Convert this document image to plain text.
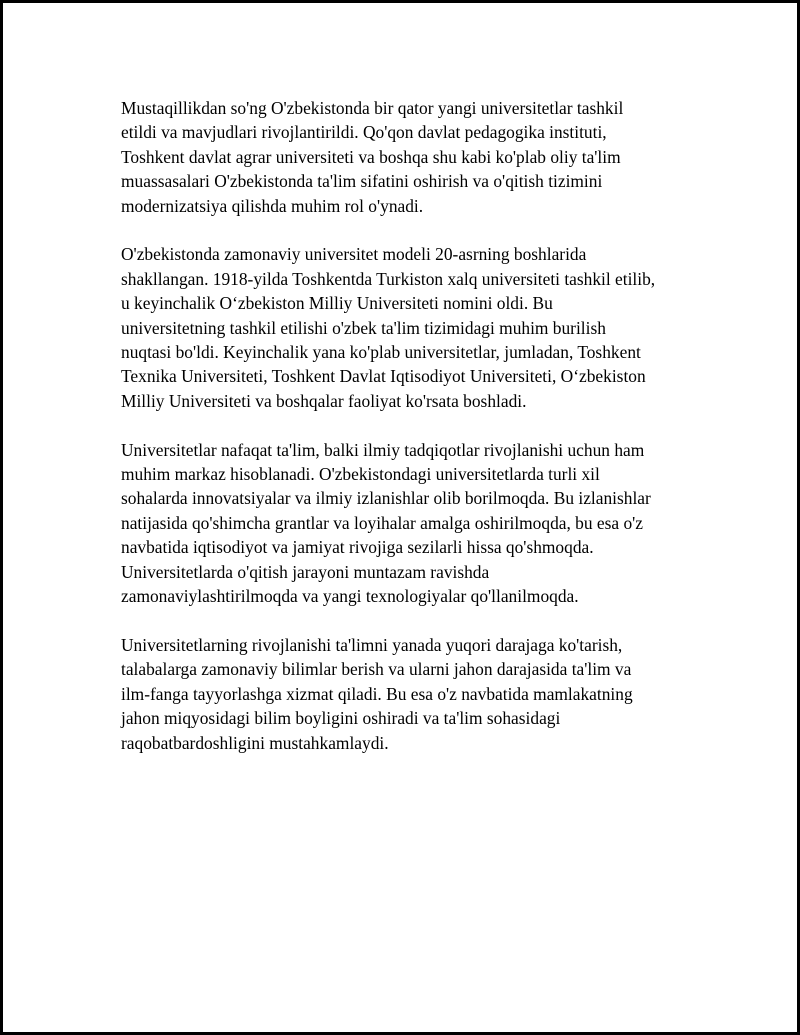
Mustaqillikdan so'ng O'zbekistonda bir qator yangi universitetlar tashkil
etildi va mavjudlari rivojlantirildi. Qo'qon davlat pedagogika instituti,
Toshkent davlat agrar universiteti va boshqa shu kabi ko'plab oliy ta'lim
muassasalari O'zbekistonda ta'lim sifatini oshirish va o'qitish tizimini
modernizatsiya qilishda muhim rol o'ynadi.

O'zbekistonda zamonaviy universitet modeli 20-asrning boshlarida
shakllangan. 1918-yilda Toshkentda Turkiston xalq universiteti tashkil etilib,
u keyinchalik O‘zbekiston Milliy Universiteti nomini oldi. Bu
universitetning tashkil etilishi o'zbek ta'lim tizimidagi muhim burilish
nuqtasi bo'ldi. Keyinchalik yana ko'plab universitetlar, jumladan, Toshkent
Texnika Universiteti, Toshkent Davlat Iqtisodiyot Universiteti, O‘zbekiston
Milliy Universiteti va boshqalar faoliyat ko'rsata boshladi.

Universitetlar nafaqat ta'lim, balki ilmiy tadqiqotlar rivojlanishi uchun ham
muhim markaz hisoblanadi. O'zbekistondagi universitetlarda turli xil
sohalarda innovatsiyalar va ilmiy izlanishlar olib borilmoqda. Bu izlanishlar
natijasida qo'shimcha grantlar va loyihalar amalga oshirilmoqda, bu esa o'z
navbatida iqtisodiyot va jamiyat rivojiga sezilarli hissa qo'shmoqda.
Universitetlarda o'qitish jarayoni muntazam ravishda
zamonaviylashtirilmoqda va yangi texnologiyalar qo'llanilmoqda.

Universitetlarning rivojlanishi ta'limni yanada yuqori darajaga ko'tarish,
talabalarga zamonaviy bilimlar berish va ularni jahon darajasida ta'lim va
ilm-fanga tayyorlashga xizmat qiladi. Bu esa o'z navbatida mamlakatning
jahon miqyosidagi bilim boyligini oshiradi va ta'lim sohasidagi
raqobatbardoshligini mustahkamlaydi.
